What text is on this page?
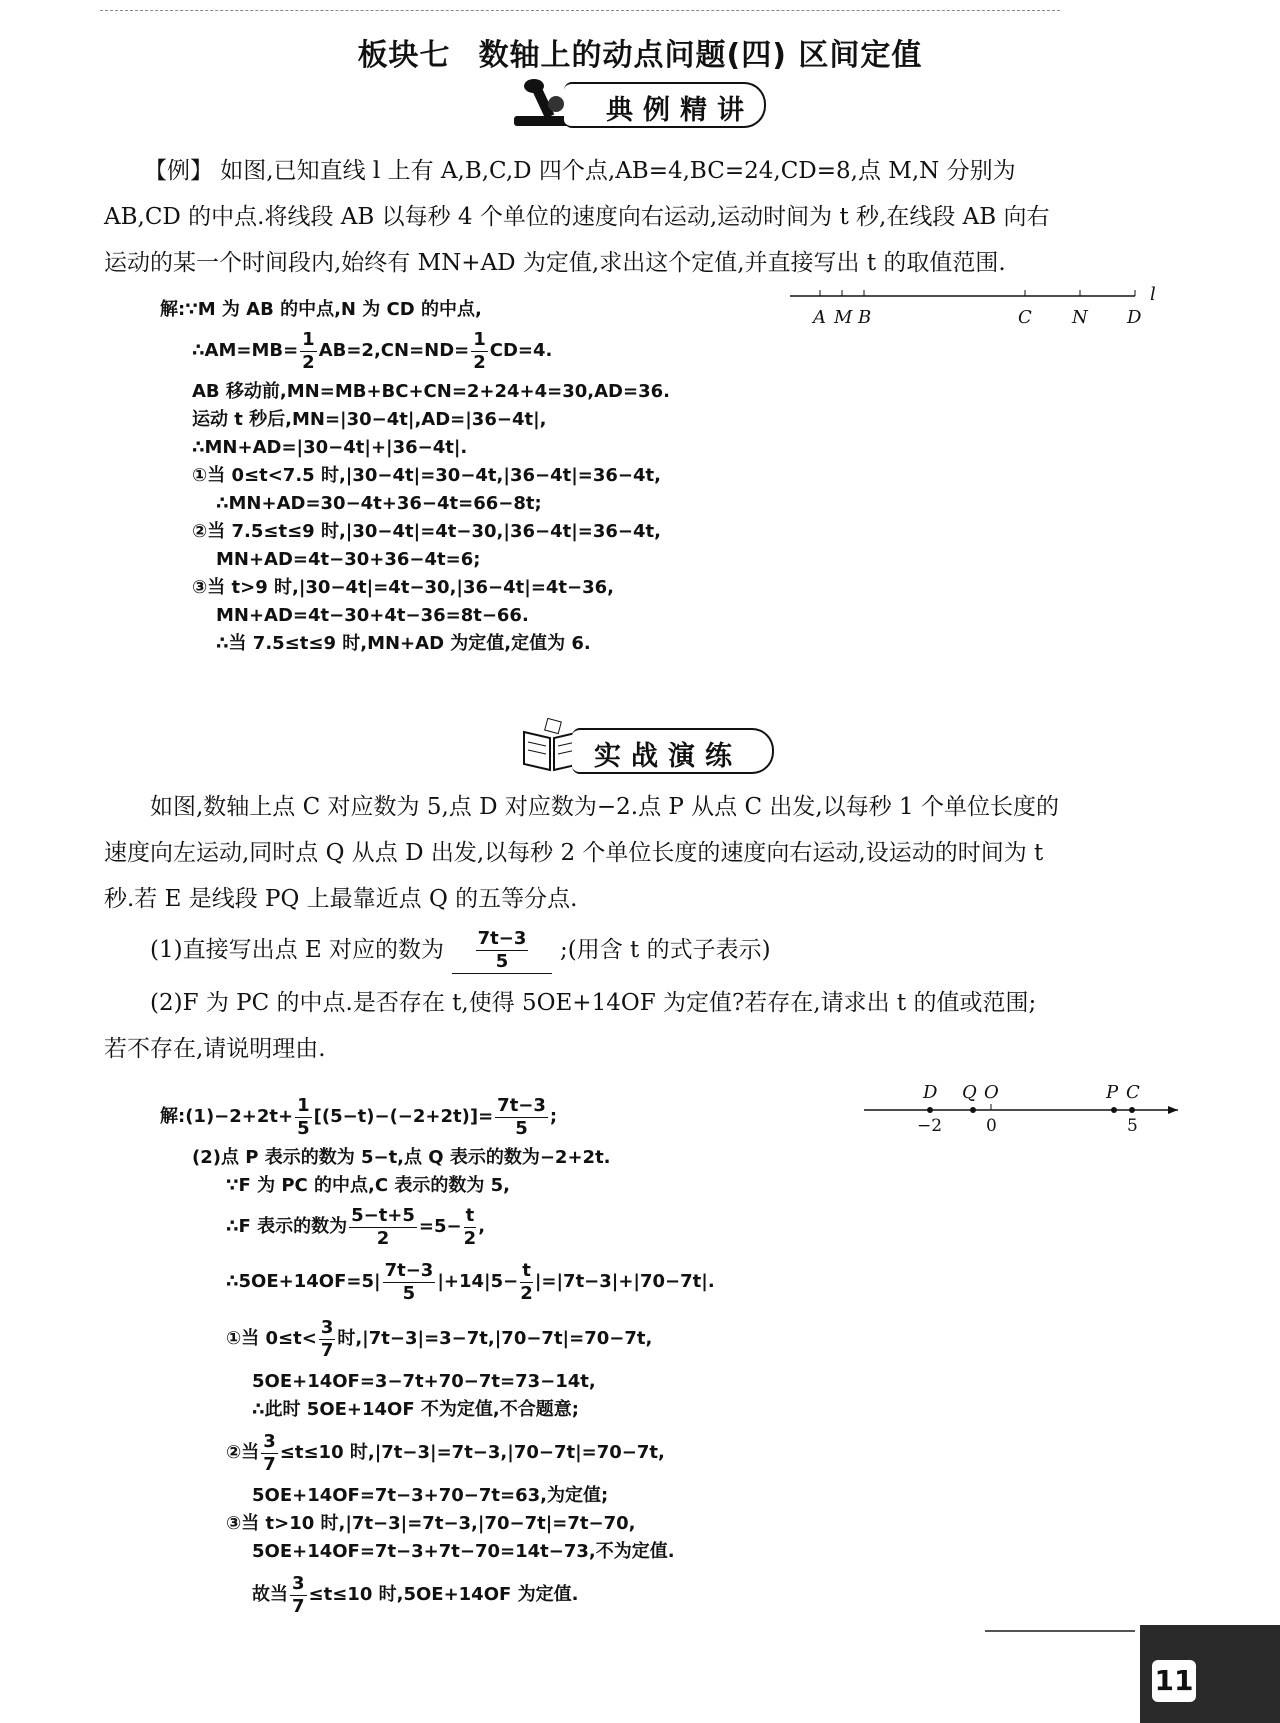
板块七 数轴上的动点问题(四) 区间定值
典例精讲

【例】 如图,已知直线 l 上有 A,B,C,D 四个点,AB=4,BC=24,CD=8,点 M,N 分别为

AB,CD 的中点.将线段 AB 以每秒 4 个单位的速度向右运动,运动时间为 t 秒,在线段 AB 向右

运动的某一个时间段内,始终有 MN+AD 为定值,求出这个定值,并直接写出 t 的取值范围.

A M B	C N D
l
解:∵M 为 AB 的中点,N 为 CD 的中点,
∴AM=MB= $\frac{1}{2} AB=2,CN=ND= \frac{1}{2} CD=4$.
AB 移动前,MN=MB+BC+CN=2+24+4=30,AD=36.
运动 t 秒后,MN=|30−4t|,AD=|36−4t|,
∴MN+AD=|30−4t|+|36−4t|.
①当 0≤t<7.5 时,|30−4t|=30−4t,|36−4t|=36−4t,
∴MN+AD=30−4t+36−4t=66−8t;
②当 7.5≤t≤9 时,|30−4t|=4t−30,|36−4t|=36−4t,
MN+AD=4t−30+36−4t=6;
③当 t>9 时,|30−4t|=4t−30,|36−4t|=4t−36,
MN+AD=4t−30+4t−36=8t−66.
∴当 7.5≤t≤9 时,MN+AD 为定值,定值为 6.
实战演练

如图,数轴上点 C 对应数为 5,点 D 对应数为−2.点 P 从点 C 出发,以每秒 1 个单位长度的

速度向左运动,同时点 Q 从点 D 出发,以每秒 2 个单位长度的速度向右运动,设运动的时间为 t

秒.若 E 是线段 PQ 上最靠近点 Q 的五等分点.

(1)直接写出点 E 对应的数为 $\frac{7t-3}{5}$ ;(用含 t 的式子表示)

(2)F 为 PC 的中点.是否存在 t,使得 5OE+14OF 为定值?若存在,请求出 t 的值或范围;

若不存在,请说明理由.

D Q O	P C
−2	0	5
解:(1)−2+2t+ $\frac{1}{5} [(5-t)-(-2+2t)]= \frac{7t-3}{5}$ ;
(2)点 P 表示的数为 5−t,点 Q 表示的数为−2+2t.
∵F 为 PC 的中点,C 表示的数为 5,
∴F 表示的数为 $\frac{5-t+5}{2} =5- \frac{t}{2}$ ,
∴5OE+14OF=5| $\frac{7t-3}{5} |+14|5- \frac{t}{2} |=|7t-3|+|70-7t|$.
①当 $0\le t< \frac{3}{7}$ 时,|7t−3|=3−7t,|70−7t|=70−7t,
5OE+14OF=3−7t+70−7t=73−14t,
∴此时 5OE+14OF 不为定值,不合题意;
②当 $\frac{3}{7} \le t\le 10$ 时,|7t−3|=7t−3,|70−7t|=70−7t,
5OE+14OF=7t−3+70−7t=63,为定值;
③当 t>10 时,|7t−3|=7t−3,|70−7t|=7t−70,
5OE+14OF=7t−3+7t−70=14t−73,不为定值.
故当 $\frac{3}{7} \le t\le 10$ 时,5OE+14OF 为定值.
11
